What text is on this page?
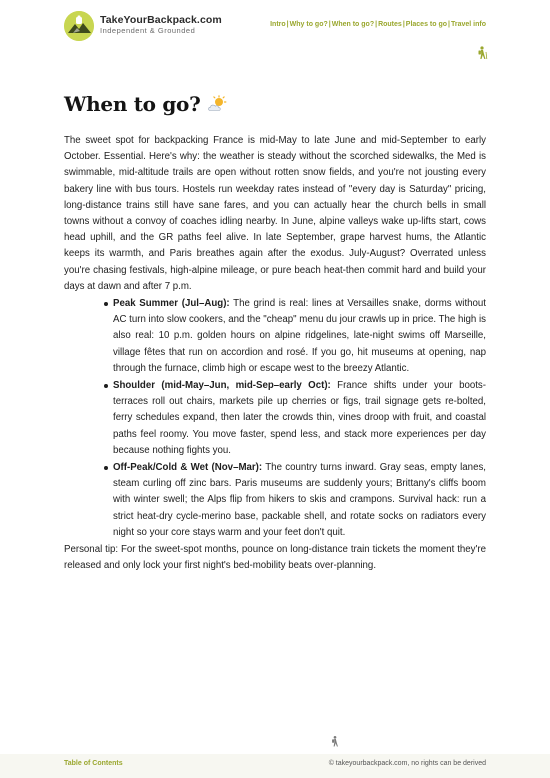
TakeYourBackpack.com
Independent & Grounded
Intro | Why to go? | When to go? | Routes | Places to go | Travel info
When to go?

The sweet spot for backpacking France is mid-May to late June and mid-September to early October. Essential. Here's why: the weather is steady without the scorched sidewalks, the Med is swimmable, mid-altitude trails are open without rotten snow fields, and you're not jousting every bakery line with bus tours. Hostels run weekday rates instead of "every day is Saturday" pricing, long-distance trains still have sane fares, and you can actually hear the church bells in small towns without a convoy of coaches idling nearby. In June, alpine valleys wake up-lifts start, cows head uphill, and the GR paths feel alive. In late September, grape harvest hums, the Atlantic keeps its warmth, and Paris breathes again after the exodus. July-August? Overrated unless you're chasing festivals, high-alpine mileage, or pure beach heat-then commit hard and build your days at dawn and after 7 p.m.

Peak Summer (Jul–Aug): The grind is real: lines at Versailles snake, dorms without AC turn into slow cookers, and the "cheap" menu du jour crawls up in price. The high is also real: 10 p.m. golden hours on alpine ridgelines, late-night swims off Marseille, village fêtes that run on accordion and rosé. If you go, hit museums at opening, nap through the furnace, climb high or escape west to the breezy Atlantic.
Shoulder (mid-May–Jun, mid-Sep–early Oct): France shifts under your boots-terraces roll out chairs, markets pile up cherries or figs, trail signage gets re-bolted, ferry schedules expand, then later the crowds thin, vines droop with fruit, and coastal paths feel roomy. You move faster, spend less, and stack more experiences per day because nothing fights you.
Off-Peak/Cold & Wet (Nov–Mar): The country turns inward. Gray seas, empty lanes, steam curling off zinc bars. Paris museums are suddenly yours; Brittany's cliffs boom with winter swell; the Alps flip from hikers to skis and crampons. Survival hack: run a strict heat-dry cycle-merino base, packable shell, and rotate socks on radiators every night so your core stays warm and your feet don't quit.

Personal tip: For the sweet-spot months, pounce on long-distance train tickets the moment they're released and only lock your first night's bed-mobility beats over-planning.

Table of Contents	© takeyourbackpack.com, no rights can be derived
